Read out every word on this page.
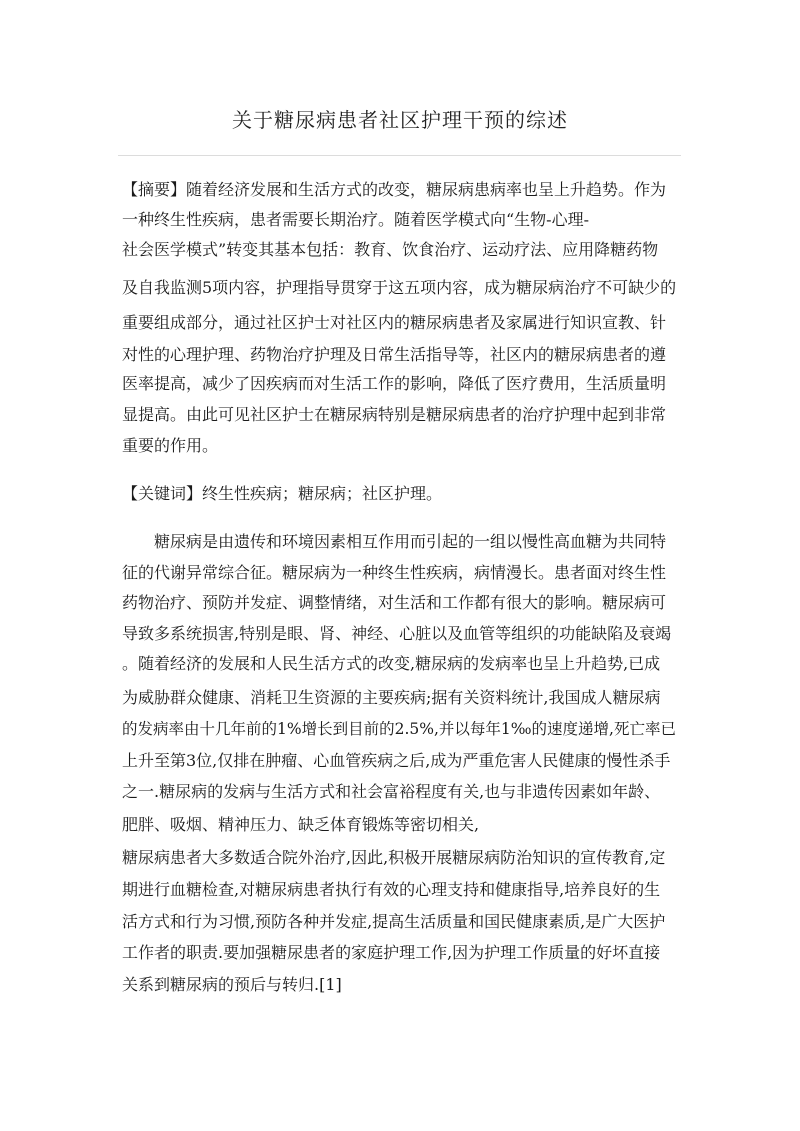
关于糖尿病患者社区护理干预的综述
【摘要】随着经济发展和生活方式的改变，糖尿病患病率也呈上升趋势。作为
一种终生性疾病，患者需要长期治疗。随着医学模式向“生物-心理-
社会医学模式”转变其基本包括：教育、饮食治疗、运动疗法、应用降糖药物
及自我监测5项内容，护理指导贯穿于这五项内容，成为糖尿病治疗不可缺少的
重要组成部分，通过社区护士对社区内的糖尿病患者及家属进行知识宣教、针
对性的心理护理、药物治疗护理及日常生活指导等，社区内的糖尿病患者的遵
医率提高，减少了因疾病而对生活工作的影响，降低了医疗费用，生活质量明
显提高。由此可见社区护士在糖尿病特别是糖尿病患者的治疗护理中起到非常
重要的作用。
【关键词】终生性疾病；糖尿病；社区护理。
　　糖尿病是由遗传和环境因素相互作用而引起的一组以慢性高血糖为共同特
征的代谢异常综合征。糖尿病为一种终生性疾病，病情漫长。患者面对终生性
药物治疗、预防并发症、调整情绪，对生活和工作都有很大的影响。糖尿病可
导致多系统损害,特别是眼、肾、神经、心脏以及血管等组织的功能缺陷及衰竭
。随着经济的发展和人民生活方式的改变,糖尿病的发病率也呈上升趋势,已成
为威胁群众健康、消耗卫生资源的主要疾病;据有关资料统计,我国成人糖尿病
的发病率由十几年前的1%增长到目前的2.5%,并以每年1‰的速度递增,死亡率已
上升至第3位,仅排在肿瘤、心血管疾病之后,成为严重危害人民健康的慢性杀手
之一.糖尿病的发病与生活方式和社会富裕程度有关,也与非遗传因素如年龄、
肥胖、吸烟、精神压力、缺乏体育锻炼等密切相关,
糖尿病患者大多数适合院外治疗,因此,积极开展糖尿病防治知识的宣传教育,定
期进行血糖检查,对糖尿病患者执行有效的心理支持和健康指导,培养良好的生
活方式和行为习惯,预防各种并发症,提高生活质量和国民健康素质,是广大医护
工作者的职责.要加强糖尿患者的家庭护理工作,因为护理工作质量的好坏直接
关系到糖尿病的预后与转归.[1]
